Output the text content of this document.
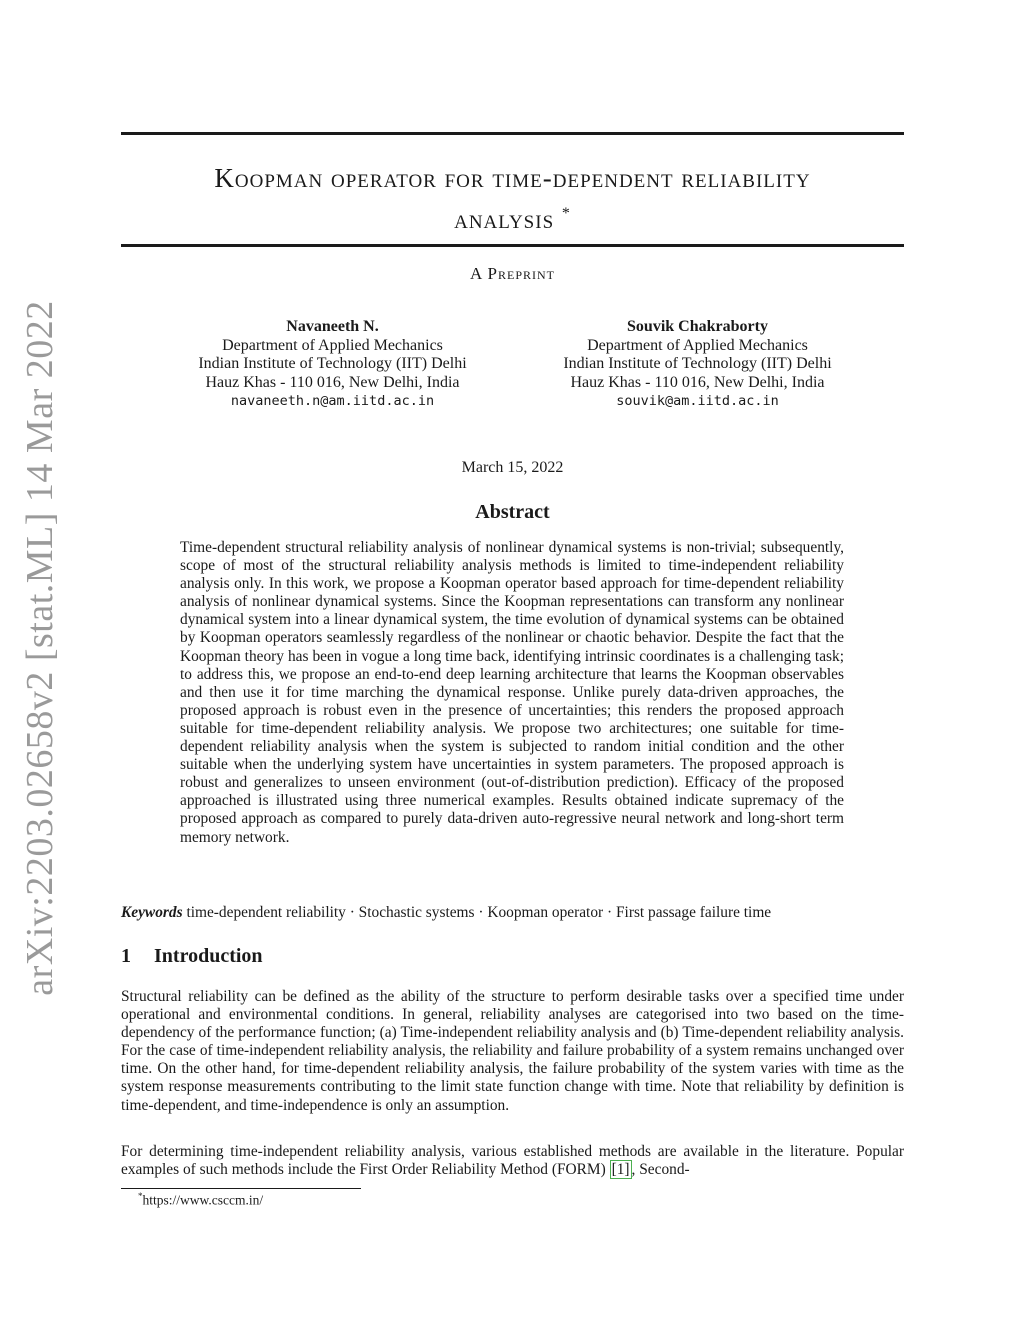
arXiv:2203.02658v2 [stat.ML] 14 Mar 2022
Koopman operator for time-dependent reliability
analysis *
A Preprint
Navaneeth N.
Department of Applied Mechanics
Indian Institute of Technology (IIT) Delhi
Hauz Khas - 110 016, New Delhi, India
navaneeth.n@am.iitd.ac.in
Souvik Chakraborty
Department of Applied Mechanics
Indian Institute of Technology (IIT) Delhi
Hauz Khas - 110 016, New Delhi, India
souvik@am.iitd.ac.in
March 15, 2022
Abstract
Time-dependent structural reliability analysis of nonlinear dynamical systems is non-trivial; subsequently, scope of most of the structural reliability analysis methods is limited to time-independent reliability analysis only. In this work, we propose a Koopman operator based approach for time-dependent reliability analysis of nonlinear dynamical systems. Since the Koopman representations can transform any nonlinear dynamical system into a linear dynamical system, the time evolution of dynamical systems can be obtained by Koopman operators seamlessly regardless of the nonlinear or chaotic behavior. Despite the fact that the Koopman theory has been in vogue a long time back, identifying intrinsic coordinates is a challenging task; to address this, we propose an end-to-end deep learning architecture that learns the Koopman observables and then use it for time marching the dynamical response. Unlike purely data-driven approaches, the proposed approach is robust even in the presence of uncertainties; this renders the proposed approach suitable for time-dependent reliability analysis. We propose two architectures; one suitable for time-dependent reliability analysis when the system is subjected to random initial condition and the other suitable when the underlying system have uncertainties in system parameters. The proposed approach is robust and generalizes to unseen environment (out-of-distribution prediction). Efficacy of the proposed approached is illustrated using three numerical examples. Results obtained indicate supremacy of the proposed approach as compared to purely data-driven auto-regressive neural network and long-short term memory network.
Keywords time-dependent reliability · Stochastic systems · Koopman operator · First passage failure time
1 Introduction
Structural reliability can be defined as the ability of the structure to perform desirable tasks over a specified time under operational and environmental conditions. In general, reliability analyses are categorised into two based on the time-dependency of the performance function; (a) Time-independent reliability analysis and (b) Time-dependent reliability analysis. For the case of time-independent reliability analysis, the reliability and failure probability of a system remains unchanged over time. On the other hand, for time-dependent reliability analysis, the failure probability of the system varies with time as the system response measurements contributing to the limit state function change with time. Note that reliability by definition is time-dependent, and time-independence is only an assumption.
For determining time-independent reliability analysis, various established methods are available in the literature. Popular examples of such methods include the First Order Reliability Method (FORM) [1] , Second-
*https://www.csccm.in/
